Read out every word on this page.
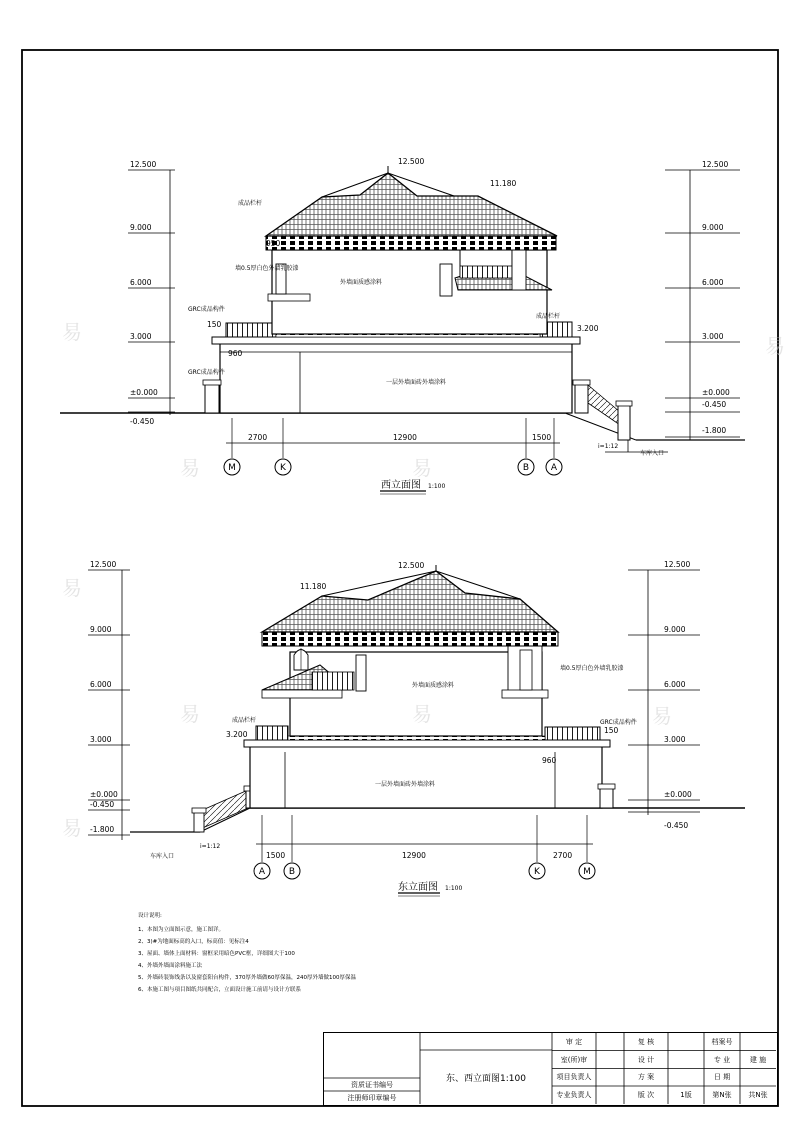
12.500
9.000
6.000
3.000
±0.000
-0.450
12.500
9.000
6.000
3.000
±0.000
-0.450
-1.800
2700	12900	1500
12.500
11.180
3.200
950
150
960
外墙面质感涂料
一层外墙面砖外墙涂料
车库入口
i=1:12
GRC成品构件
GRC成品构件
墙0.5厚白色外墙乳胶漆
成品栏杆
成品栏杆
M	K	B A
西立面图 1:100
12.500
9.000
6.000
3.000
±0.000
-0.450
-1.800
12.500
9.000
6.000
3.000
±0.000
-0.450
1500	12900	2700
12.500
11.180
3.200	150
960
外墙面质感涂料
一层外墙面砖外墙涂料
车库入口
i=1:12
GRC成品构件
成品栏杆
墙0.5厚白色外墙乳胶漆
A	B	K	M
东立面图 1:100
易
易	易
易
易
易	易	易
易
设计说明:
1、本图为立面图示意，施工图详。
2、3)#为地面标高的入口，标高值：见标注4
3、屋面、墙体上面材料：窗框采用暗色PVC框，详细图大于100
4、外墙外墙面涂料施工法
5、外墙砖装饰线条以及窗套阳台构件，370厚外墙做60厚保温，240厚外墙做100厚保温
6、本施工图与项目图纸共同配合，立面设计施工前请与设计方联系
资质证书编号
注册师印章编号
东、西立面图1:100
审 定	复 核	档案号
室(所)审	设 计	专 业	建 施
项目负责人	方 案	日 期
专业负责人	版 次	1版	第N张	共N张
